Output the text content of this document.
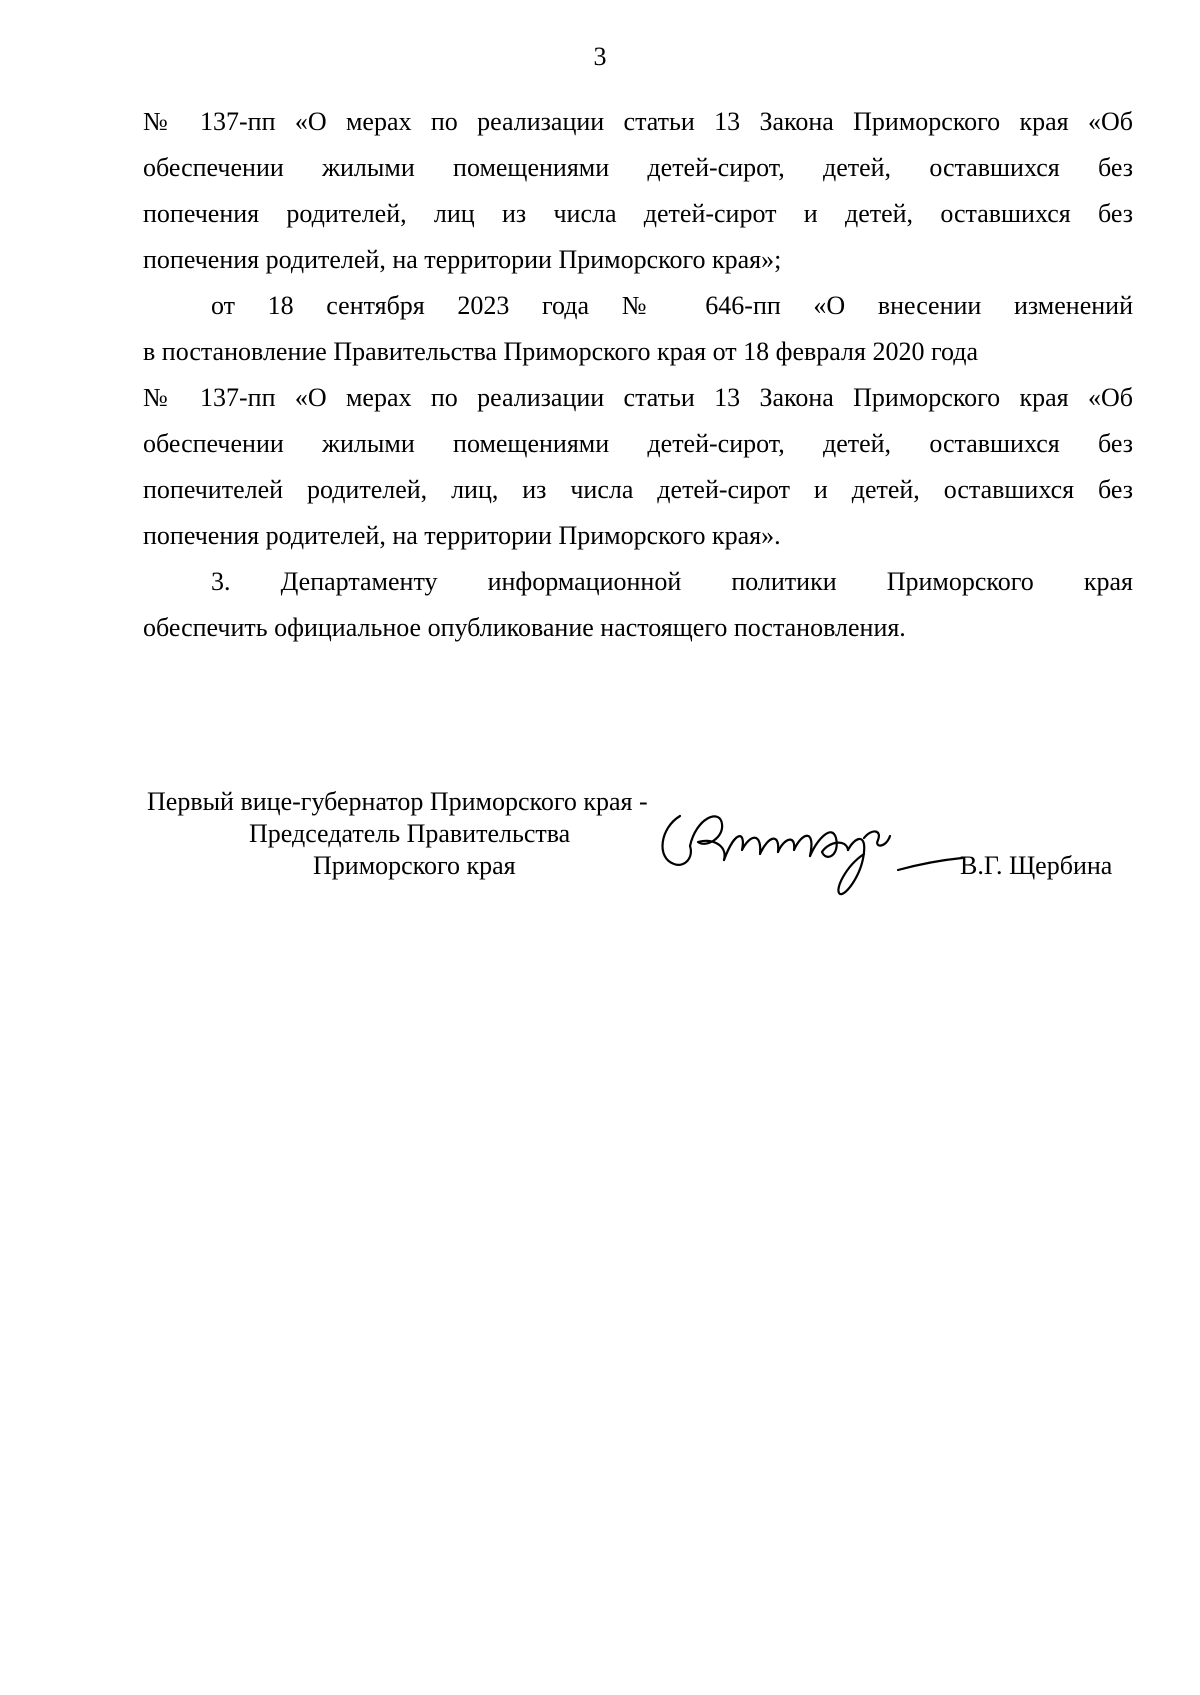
3
№ 137-пп «О мерах по реализации статьи 13 Закона Приморского края «Об
обеспечении жилыми помещениями детей-сирот, детей, оставшихся без
попечения родителей, лиц из числа детей-сирот и детей, оставшихся без
попечения родителей, на территории Приморского края»;
от 18 сентября 2023 года № 646-пп «О внесении изменений
в постановление Правительства Приморского края от 18 февраля 2020 года
№ 137-пп «О мерах по реализации статьи 13 Закона Приморского края «Об
обеспечении жилыми помещениями детей-сирот, детей, оставшихся без
попечителей родителей, лиц, из числа детей-сирот и детей, оставшихся без
попечения родителей, на территории Приморского края».
3. Департаменту информационной политики Приморского края
обеспечить официальное опубликование настоящего постановления.
Первый вице-губернатор Приморского края -
Председатель Правительства
Приморского края	В.Г. Щербина
